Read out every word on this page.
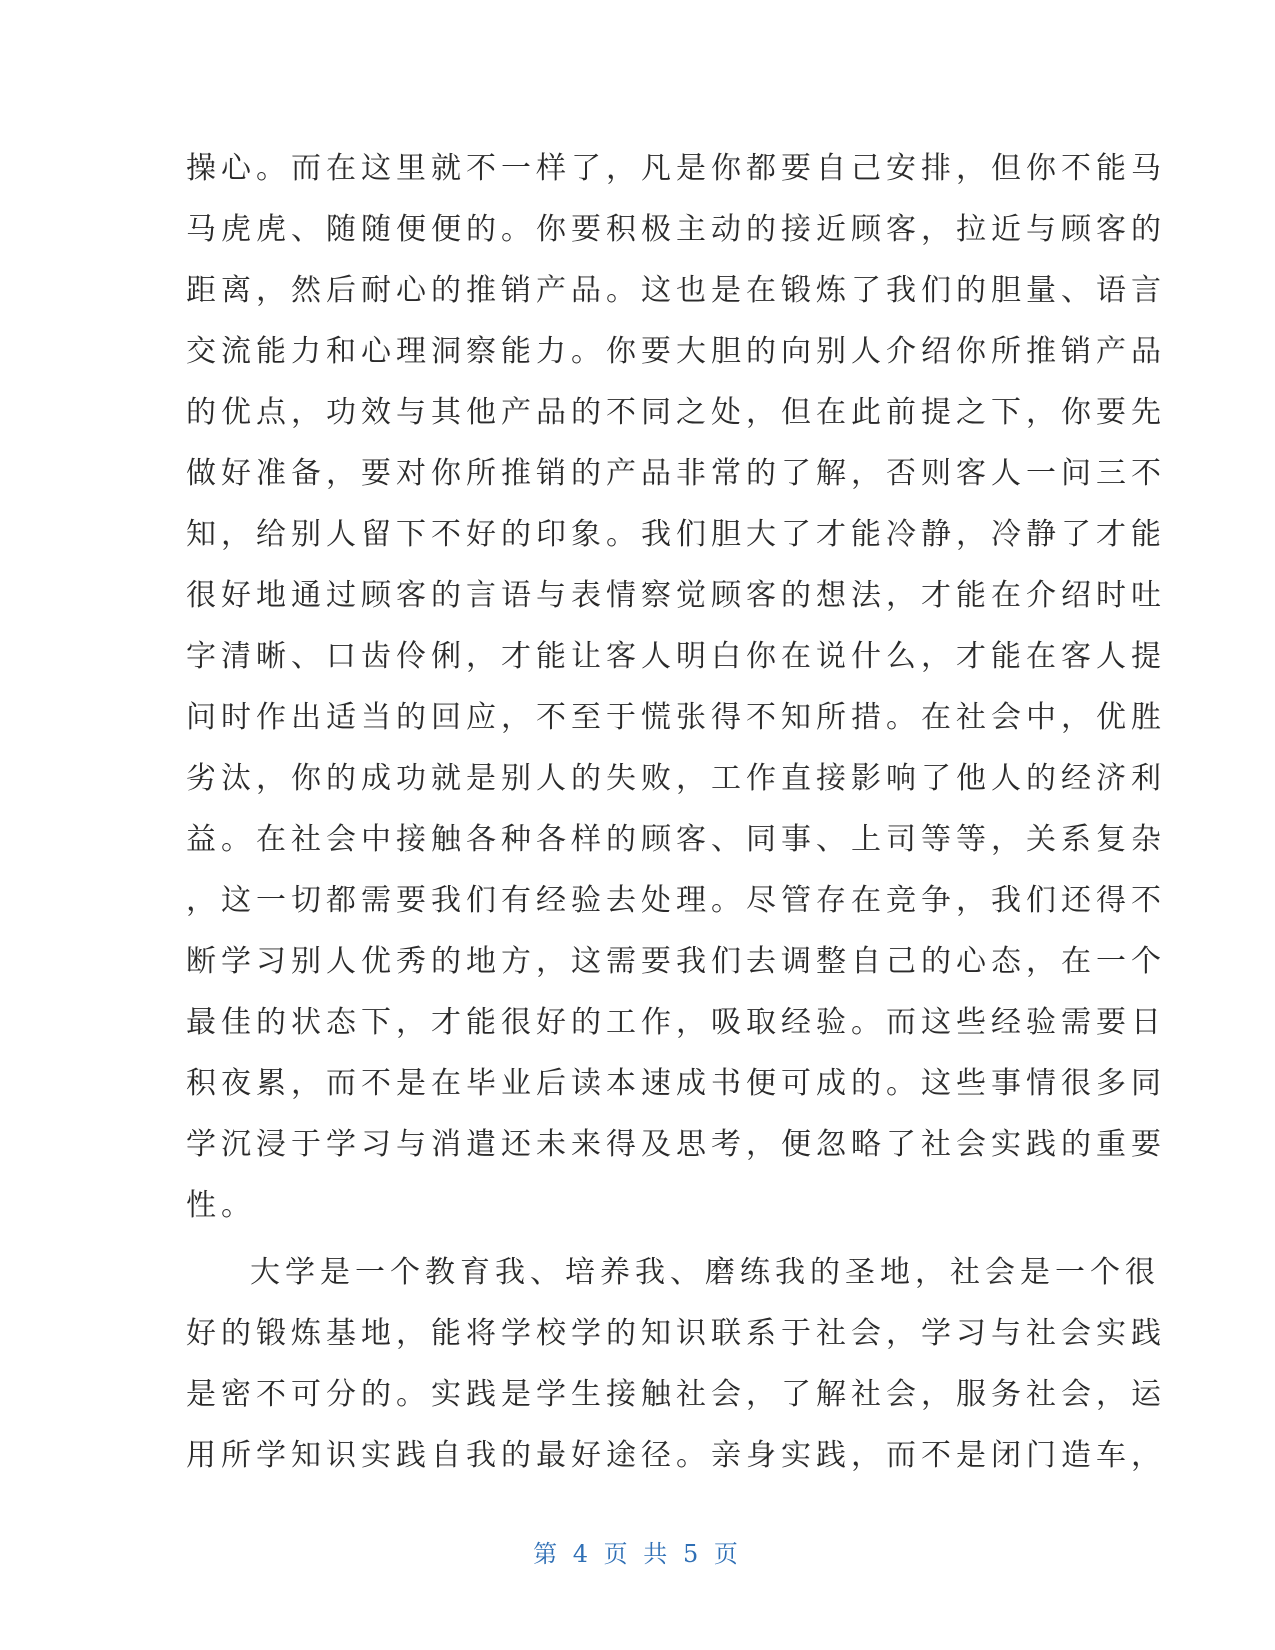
操心。而在这里就不一样了，凡是你都要自己安排，但你不能马
马虎虎、随随便便的。你要积极主动的接近顾客，拉近与顾客的
距离，然后耐心的推销产品。这也是在锻炼了我们的胆量、语言
交流能力和心理洞察能力。你要大胆的向别人介绍你所推销产品
的优点，功效与其他产品的不同之处，但在此前提之下，你要先
做好准备，要对你所推销的产品非常的了解，否则客人一问三不
知，给别人留下不好的印象。我们胆大了才能冷静，冷静了才能
很好地通过顾客的言语与表情察觉顾客的想法，才能在介绍时吐
字清晰、口齿伶俐，才能让客人明白你在说什么，才能在客人提
问时作出适当的回应，不至于慌张得不知所措。在社会中，优胜
劣汰，你的成功就是别人的失败，工作直接影响了他人的经济利
益。在社会中接触各种各样的顾客、同事、上司等等，关系复杂
，这一切都需要我们有经验去处理。尽管存在竞争，我们还得不
断学习别人优秀的地方，这需要我们去调整自己的心态，在一个
最佳的状态下，才能很好的工作，吸取经验。而这些经验需要日
积夜累，而不是在毕业后读本速成书便可成的。这些事情很多同
学沉浸于学习与消遣还未来得及思考，便忽略了社会实践的重要
性。
大学是一个教育我、培养我、磨练我的圣地，社会是一个很
好的锻炼基地，能将学校学的知识联系于社会，学习与社会实践
是密不可分的。实践是学生接触社会，了解社会，服务社会，运
用所学知识实践自我的最好途径。亲身实践，而不是闭门造车，
第 4 页 共 5 页
